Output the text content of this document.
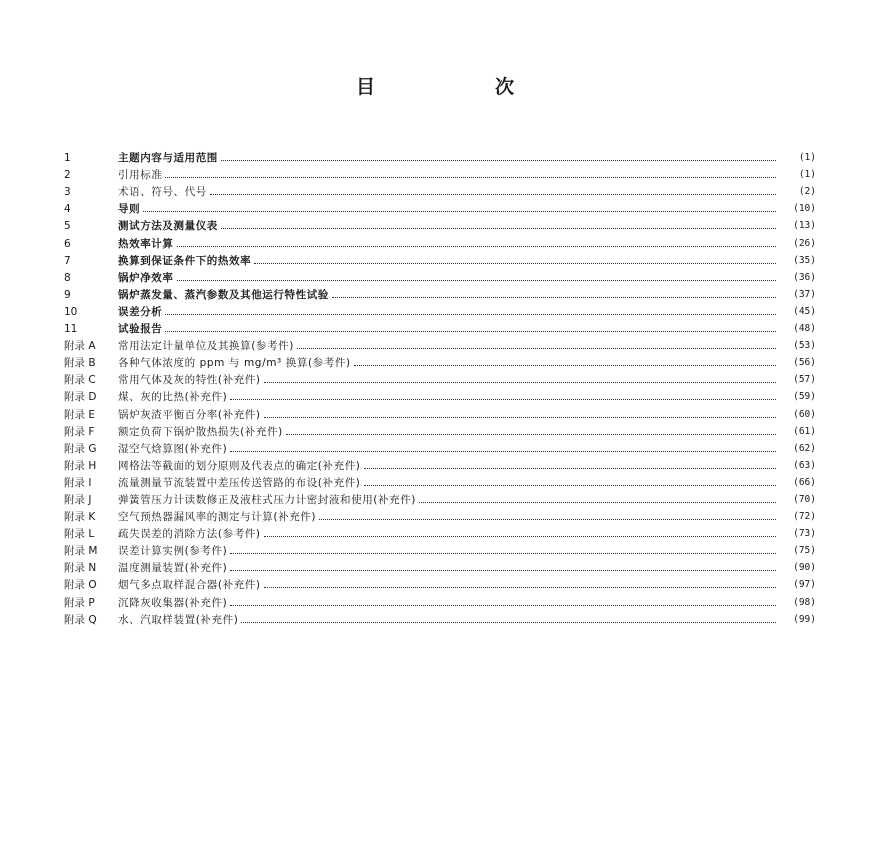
目	次
1	主题内容与适用范围	(1)
2	引用标准	(1)
3	术语、符号、代号	(2)
4	导则	(10)
5	测试方法及测量仪表	(13)
6	热效率计算	(26)
7	换算到保证条件下的热效率	(35)
8	锅炉净效率	(36)
9	锅炉蒸发量、蒸汽参数及其他运行特性试验	(37)
10	误差分析	(45)
11	试验报告	(48)
附录 A	常用法定计量单位及其换算(参考件)	(53)
附录 B	各种气体浓度的 ppm 与 mg/m³ 换算(参考件)	(56)
附录 C	常用气体及灰的特性(补充件)	(57)
附录 D	煤、灰的比热(补充件)	(59)
附录 E	锅炉灰渣平衡百分率(补充件)	(60)
附录 F	额定负荷下锅炉散热损失(补充件)	(61)
附录 G	湿空气焓算图(补充件)	(62)
附录 H	网格法等截面的划分原则及代表点的确定(补充件)	(63)
附录 I	流量测量节流装置中差压传送管路的布设(补充件)	(66)
附录 J	弹簧管压力计读数修正及液柱式压力计密封液和使用(补充件)	(70)
附录 K	空气预热器漏风率的测定与计算(补充件)	(72)
附录 L	疏失误差的消除方法(参考件)	(73)
附录 M	误差计算实例(参考件)	(75)
附录 N	温度测量装置(补充件)	(90)
附录 O	烟气多点取样混合器(补充件)	(97)
附录 P	沉降灰收集器(补充件)	(98)
附录 Q	水、汽取样装置(补充件)	(99)
